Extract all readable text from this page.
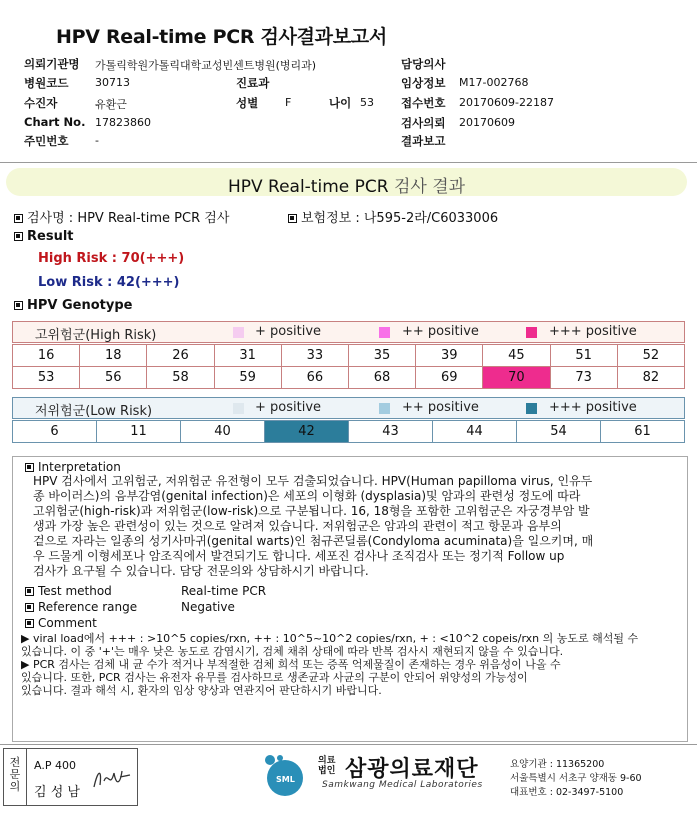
HPV Real-time PCR 검사결과보고서
의뢰기관명 가톨릭학원가톨릭대학교성빈센트병원(병리과)	담당의사
병원코드 30713	진료과	임상정보 M17-002768
수진자	유환근	성별 F	나이 53 접수번호 20170609-22187
Chart No. 17823860	검사의뢰 20170609
주민번호 -	결과보고
HPV Real-time PCR 검사 결과
검사명 : HPV Real-time PCR 검사	보험정보 : 나595-2라/C6033006
Result
High Risk : 70(+++)
Low Risk : 42(+++)
HPV Genotype
고위험군(High Risk)	+ positive	++ positive	+++ positive
16	18	26	31	33	35	39	45	51	52
53	56	58	59	66	68	69	70	73	82
저위험군(Low Risk)	+ positive	++ positive	+++ positive
6	11	40	42	43	44	54	61
Interpretation
HPV 검사에서 고위험군, 저위험군 유전형이 모두 검출되었습니다. HPV(Human papilloma virus, 인유두
종 바이러스)의 음부감염(genital infection)은 세포의 이형화 (dysplasia)및 암과의 관련성 정도에 따라
고위험군(high-risk)과 저위험군(low-risk)으로 구분됩니다. 16, 18형을 포함한 고위험군은 자궁경부암 발
생과 가장 높은 관련성이 있는 것으로 알려져 있습니다. 저위험군은 암과의 관련이 적고 항문과 음부의
겉으로 자라는 일종의 성기사마귀(genital warts)인 첨규콘딜롬(Condyloma acuminata)을 일으키며, 매
우 드물게 이형세포나 암조직에서 발견되기도 합니다. 세포진 검사나 조직검사 또는 정기적 Follow up
검사가 요구될 수 있습니다. 담당 전문의와 상담하시기 바랍니다.
Test method	Real-time PCR
Reference range	Negative
Comment
▶ viral load에서 +++ : >10^5 copies/rxn, ++ : 10^5~10^2 copies/rxn, + : <10^2 copeis/rxn 의 농도로 해석될 수
있습니다. 이 중 '+'는 매우 낮은 농도로 감염시기, 검체 채취 상태에 따라 반복 검사시 재현되지 않을 수 있습니다.
▶ PCR 검사는 검체 내 균 수가 적거나 부적절한 검체 희석 또는 증폭 억제물질이 존재하는 경우 위음성이 나올 수
있습니다. 또한, PCR 검사는 유전자 유무를 검사하므로 생존균과 사균의 구분이 안되어 위양성의 가능성이
있습니다. 결과 해석 시, 환자의 임상 양상과 연관지어 판단하시기 바랍니다.
전문의
A.P 400
김 성 남
SML
의료
법인 삼광의료재단
Samkwang Medical Laboratories
요양기관 : 11365200
서울특별시 서초구 양재동 9-60
대표번호 : 02-3497-5100
